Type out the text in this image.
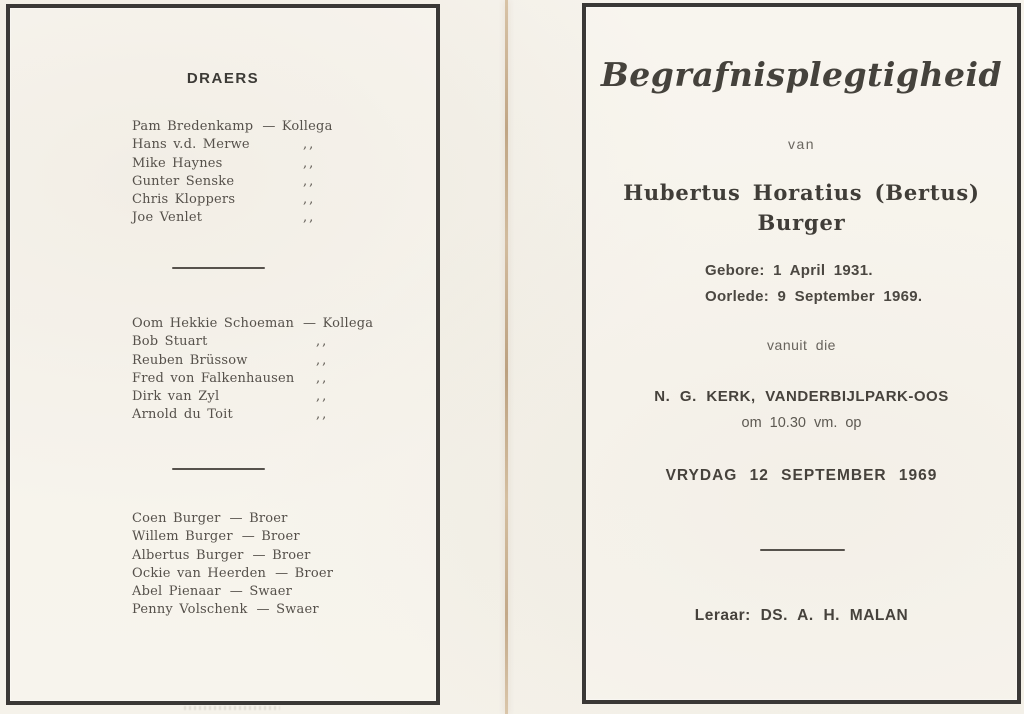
DRAERS
Pam Bredenkamp — Kollega
Hans v.d. Merwe	,,
Mike Haynes	,,
Gunter Senske	,,
Chris Kloppers	,,
Joe Venlet	,,
Oom Hekkie Schoeman — Kollega
Bob Stuart	,,
Reuben Brüssow	,,
Fred von Falkenhausen ,,
Dirk van Zyl	,,
Arnold du Toit	,,
Coen Burger — Broer
Willem Burger — Broer
Albertus Burger — Broer
Ockie van Heerden — Broer
Abel Pienaar — Swaer
Penny Volschenk — Swaer
Begrafnisplegtigheid
van
Hubertus Horatius (Bertus)
Burger
Gebore: 1 April 1931.
Oorlede: 9 September 1969.
vanuit die
N. G. KERK, VANDERBIJLPARK-OOS
om 10.30 vm. op
VRYDAG 12 SEPTEMBER 1969
Leraar: DS. A. H. MALAN
